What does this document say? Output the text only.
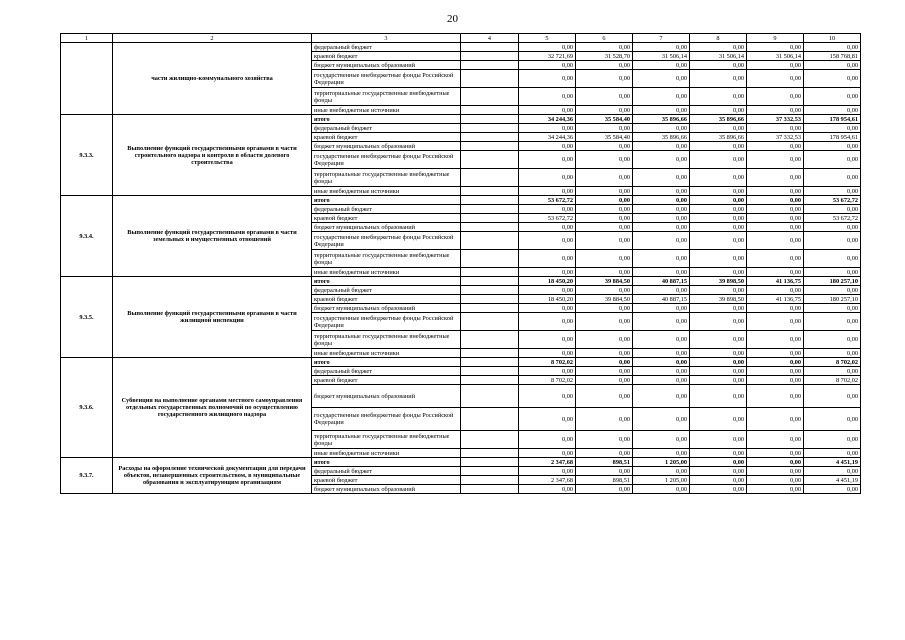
20
1	2	3	4	5	6	7	8	9	10
	части жилищно-коммунального хозяйства	федеральный бюджет		0,00	0,00	0,00	0,00	0,00	0,00
		краевой бюджет		32 721,69	31 528,70	31 506,14	31 506,14	31 506,14	158 768,81
		бюджет муниципальных образований		0,00	0,00	0,00	0,00	0,00	0,00
		государственные внебюджетные фонды Российской Федерации		0,00	0,00	0,00	0,00	0,00	0,00
		территориальные государственные внебюджетные фонды		0,00	0,00	0,00	0,00	0,00	0,00
		иные внебюджетные источники		0,00	0,00	0,00	0,00	0,00	0,00
9.3.3.	Выполнение функций государственными органами в части строительного надзора и контроля в области долевого строительства	итого		34 244,36	35 584,40	35 896,66	35 896,66	37 332,53	178 954,61
		федеральный бюджет		0,00	0,00	0,00	0,00	0,00	0,00
		краевой бюджет		34 244,36	35 584,40	35 896,66	35 896,66	37 332,53	178 954,61
		бюджет муниципальных образований		0,00	0,00	0,00	0,00	0,00	0,00
		государственные внебюджетные фонды Российской Федерации		0,00	0,00	0,00	0,00	0,00	0,00
		территориальные государственные внебюджетные фонды		0,00	0,00	0,00	0,00	0,00	0,00
		иные внебюджетные источники		0,00	0,00	0,00	0,00	0,00	0,00
9.3.4.	Выполнение функций государственными органами в части земельных и имущественных отношений	итого		53 672,72	0,00	0,00	0,00	0,00	53 672,72
		федеральный бюджет		0,00	0,00	0,00	0,00	0,00	0,00
		краевой бюджет		53 672,72	0,00	0,00	0,00	0,00	53 672,72
		бюджет муниципальных образований		0,00	0,00	0,00	0,00	0,00	0,00
		государственные внебюджетные фонды Российской Федерации		0,00	0,00	0,00	0,00	0,00	0,00
		территориальные государственные внебюджетные фонды		0,00	0,00	0,00	0,00	0,00	0,00
		иные внебюджетные источники		0,00	0,00	0,00	0,00	0,00	0,00
9.3.5.	Выполнение функций государственными органами в части жилищной инспекции	итого		18 450,20	39 884,50	40 887,15	39 898,50	41 136,75	180 257,10
		федеральный бюджет		0,00	0,00	0,00	0,00	0,00	0,00
		краевой бюджет		18 450,20	39 884,50	40 887,15	39 898,50	41 136,75	180 257,10
		бюджет муниципальных образований		0,00	0,00	0,00	0,00	0,00	0,00
		государственные внебюджетные фонды Российской Федерации		0,00	0,00	0,00	0,00	0,00	0,00
		территориальные государственные внебюджетные фонды		0,00	0,00	0,00	0,00	0,00	0,00
		иные внебюджетные источники		0,00	0,00	0,00	0,00	0,00	0,00
9.3.6.	Субвенция на выполнение органами местного самоуправления отдельных государственных полномочий по осуществлению государственного жилищного надзора	итого		8 702,02	0,00	0,00	0,00	0,00	8 702,02
		федеральный бюджет		0,00	0,00	0,00	0,00	0,00	0,00
		краевой бюджет		8 702,02	0,00	0,00	0,00	0,00	8 702,02
		бюджет муниципальных образований		0,00	0,00	0,00	0,00	0,00	0,00
		государственные внебюджетные фонды Российской Федерации		0,00	0,00	0,00	0,00	0,00	0,00
		территориальные государственные внебюджетные фонды		0,00	0,00	0,00	0,00	0,00	0,00
		иные внебюджетные источники		0,00	0,00	0,00	0,00	0,00	0,00
9.3.7.	Расходы на оформление технической документации для передачи объектов, незавершенных строительством, в муниципальные образования и эксплуатирующим организациям	итого		2 347,68	898,51	1 205,00	0,00	0,00	4 451,19
		федеральный бюджет		0,00	0,00	0,00	0,00	0,00	0,00
		краевой бюджет		2 347,68	898,51	1 205,00	0,00	0,00	4 451,19
		бюджет муниципальных образований		0,00	0,00	0,00	0,00	0,00	0,00
